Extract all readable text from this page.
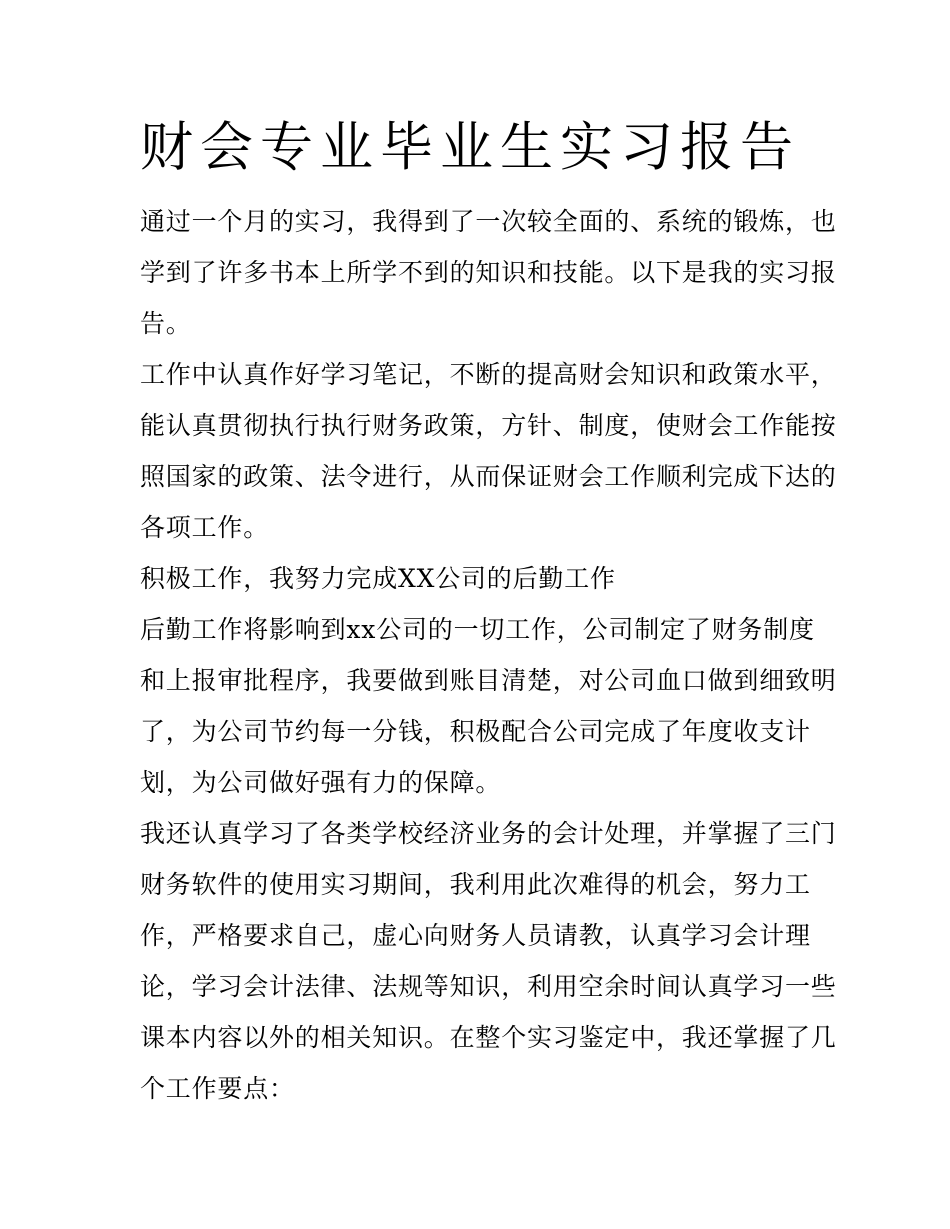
财会专业毕业生实习报告
通过一个月的实习，我得到了一次较全面的、系统的锻炼，也
学到了许多书本上所学不到的知识和技能。以下是我的实习报
告。
工作中认真作好学习笔记，不断的提高财会知识和政策水平，
能认真贯彻执行执行财务政策，方针、制度，使财会工作能按
照国家的政策、法令进行，从而保证财会工作顺利完成下达的
各项工作。
积极工作，我努力完成XX公司的后勤工作
后勤工作将影响到xx公司的一切工作，公司制定了财务制度
和上报审批程序，我要做到账目清楚，对公司血口做到细致明
了，为公司节约每一分钱，积极配合公司完成了年度收支计
划，为公司做好强有力的保障。
我还认真学习了各类学校经济业务的会计处理，并掌握了三门
财务软件的使用实习期间，我利用此次难得的机会，努力工
作，严格要求自己，虚心向财务人员请教，认真学习会计理
论，学习会计法律、法规等知识，利用空余时间认真学习一些
课本内容以外的相关知识。在整个实习鉴定中，我还掌握了几
个工作要点：
